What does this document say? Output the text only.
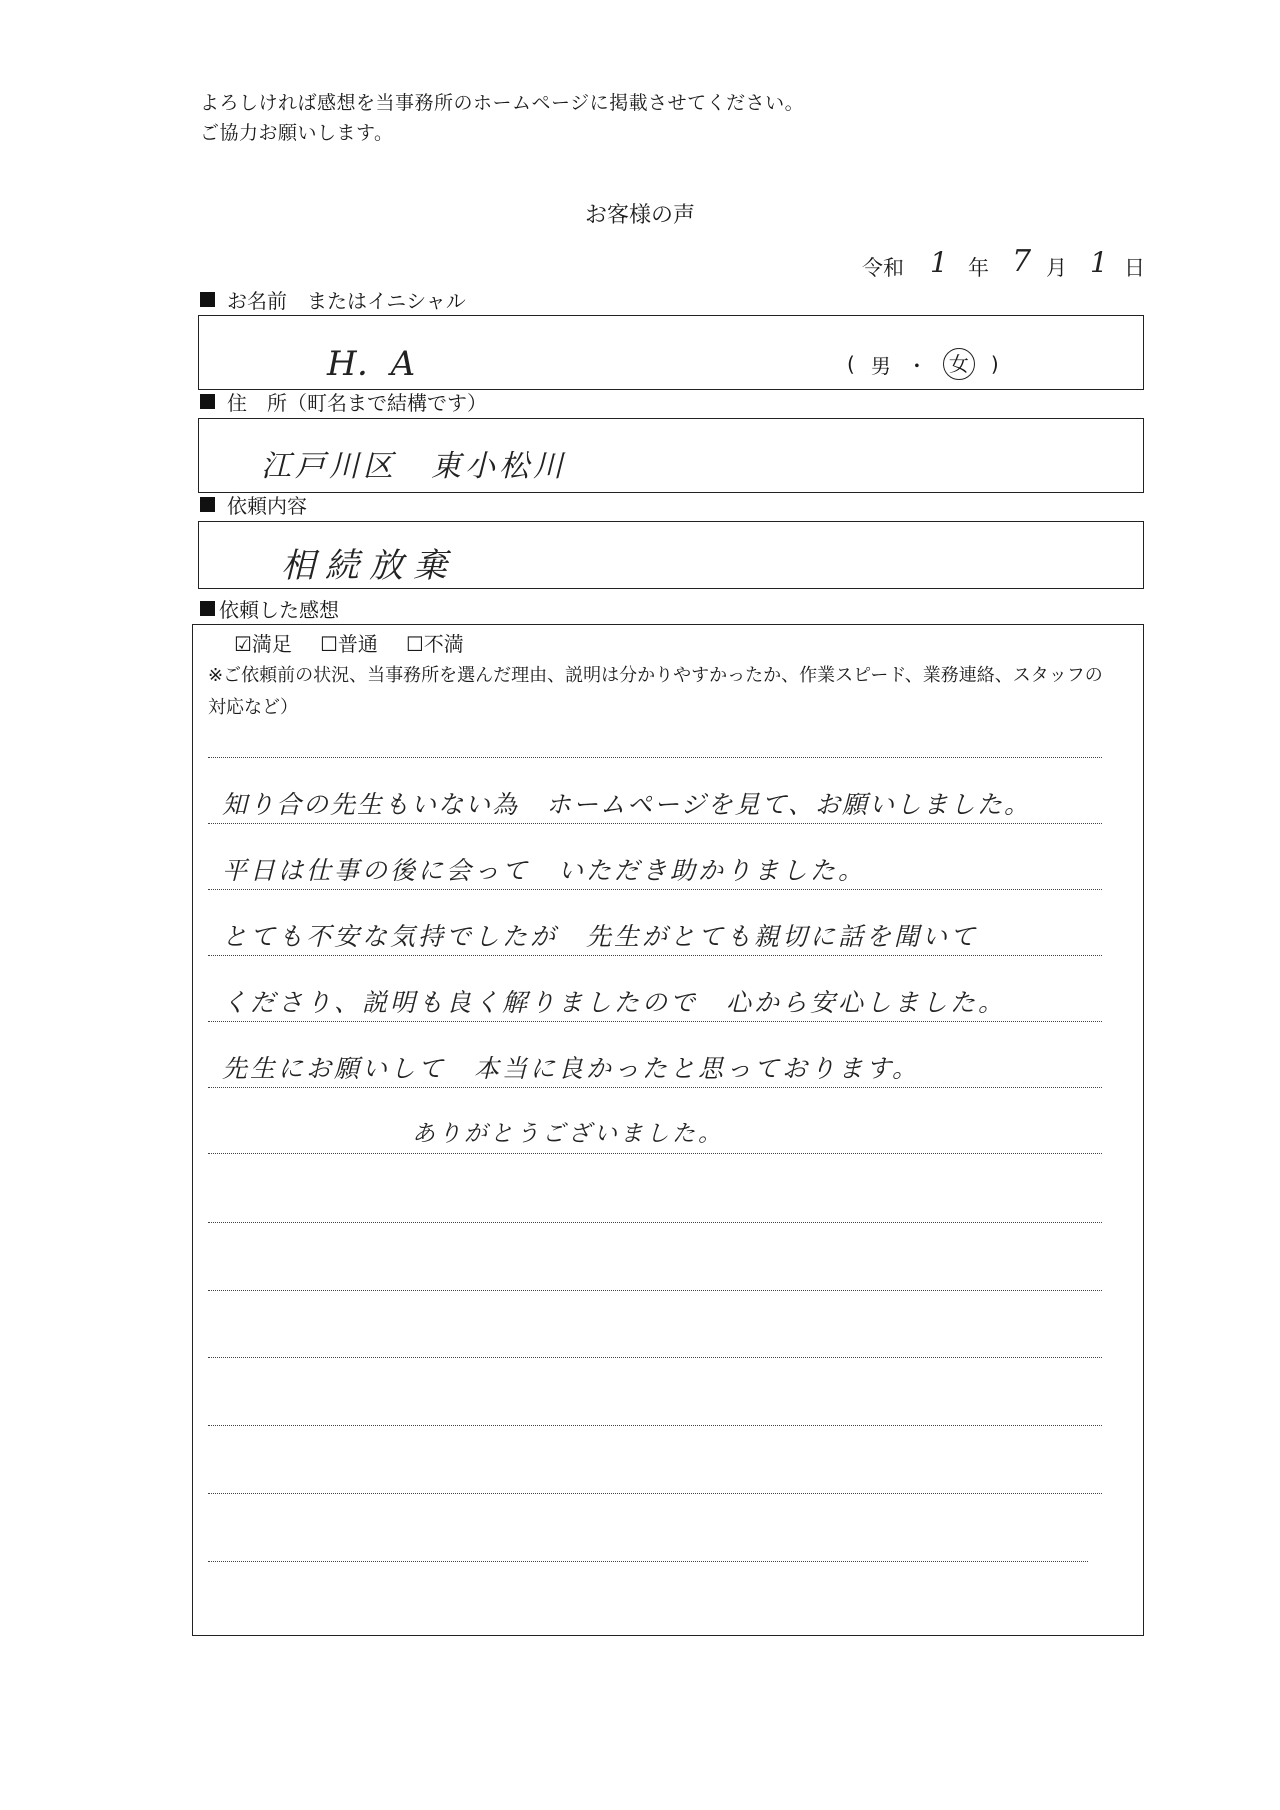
よろしければ感想を当事務所のホームページに掲載させてください。
ご協力お願いします。
お客様の声
令和 1 年 7 月 1 日
お名前　またはイニシャル
H．A	( 男 ・	女	)
住　所（町名まで結構です）
江戸川区　東小松川
依頼内容
相続放棄
依頼した感想
☑満足 ☐普通 ☐不満
※ご依頼前の状況、当事務所を選んだ理由、説明は分かりやすかったか、作業スピード、業務連絡、スタッフの対応など）
知り合の先生もいない為　ホームページを見て、お願いしました。
平日は仕事の後に会って　いただき助かりました。
とても不安な気持でしたが　先生がとても親切に話を聞いて
くださり、説明も良く解りましたので　心から安心しました。
先生にお願いして　本当に良かったと思っております。
ありがとうございました。
